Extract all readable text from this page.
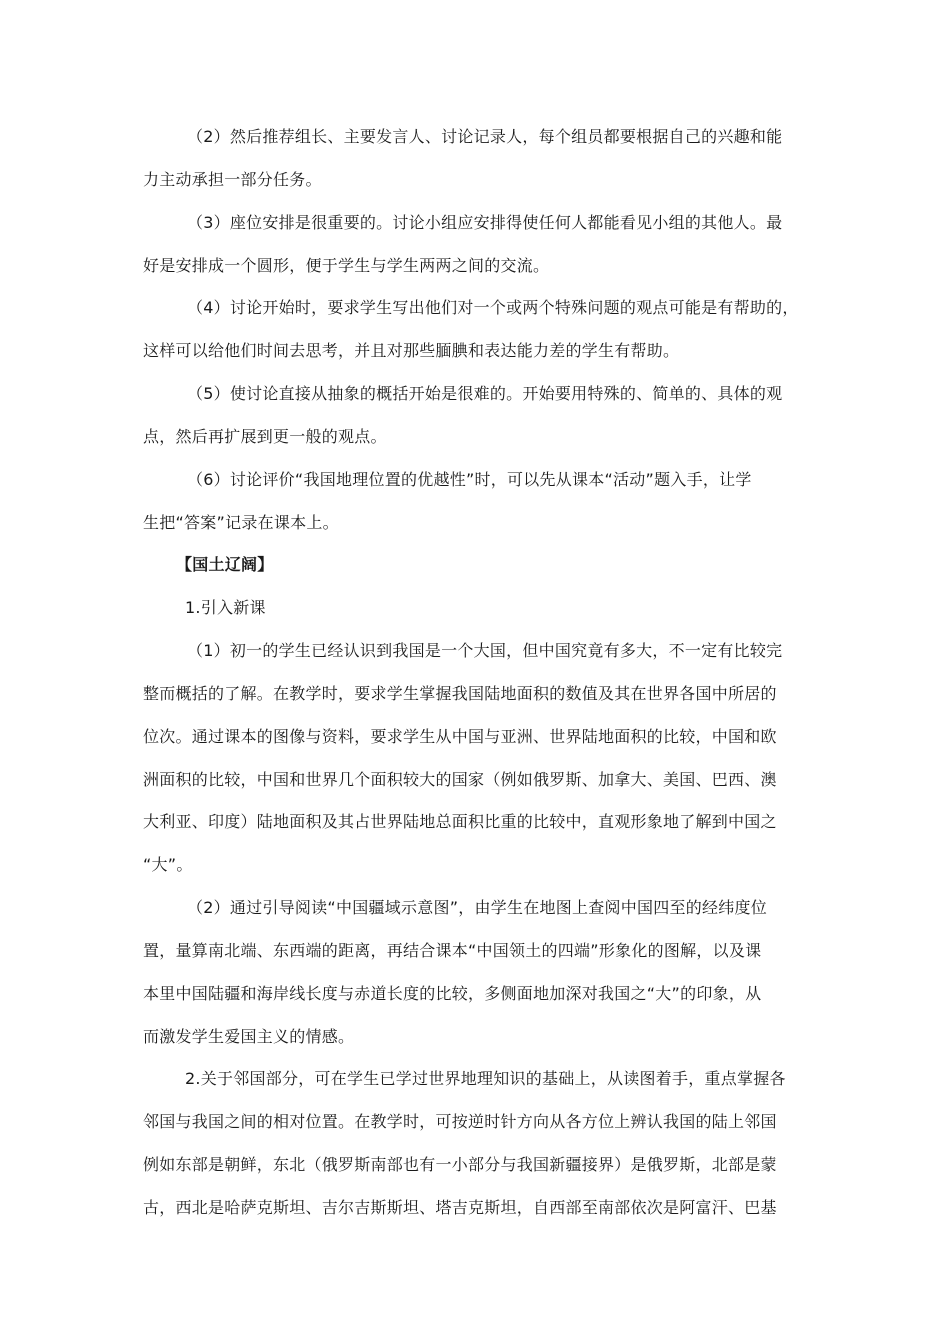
（2）然后推荐组长、主要发言人、讨论记录人，每个组员都要根据自己的兴趣和能
力主动承担一部分任务。
（3）座位安排是很重要的。讨论小组应安排得使任何人都能看见小组的其他人。最
好是安排成一个圆形，便于学生与学生两两之间的交流。
（4）讨论开始时，要求学生写出他们对一个或两个特殊问题的观点可能是有帮助的，
这样可以给他们时间去思考，并且对那些腼腆和表达能力差的学生有帮助。
（5）使讨论直接从抽象的概括开始是很难的。开始要用特殊的、简单的、具体的观
点，然后再扩展到更一般的观点。
（6）讨论评价“我国地理位置的优越性”时，可以先从课本“活动”题入手，让学
生把“答案”记录在课本上。
【国土辽阔】
1.引入新课
（1）初一的学生已经认识到我国是一个大国，但中国究竟有多大，不一定有比较完
整而概括的了解。在教学时，要求学生掌握我国陆地面积的数值及其在世界各国中所居的
位次。通过课本的图像与资料，要求学生从中国与亚洲、世界陆地面积的比较，中国和欧
洲面积的比较，中国和世界几个面积较大的国家（例如俄罗斯、加拿大、美国、巴西、澳
大利亚、印度）陆地面积及其占世界陆地总面积比重的比较中，直观形象地了解到中国之
“大”。
（2）通过引导阅读“中国疆域示意图”，由学生在地图上查阅中国四至的经纬度位
置，量算南北端、东西端的距离，再结合课本“中国领土的四端”形象化的图解，以及课
本里中国陆疆和海岸线长度与赤道长度的比较，多侧面地加深对我国之“大”的印象，从
而激发学生爱国主义的情感。
2.关于邻国部分，可在学生已学过世界地理知识的基础上，从读图着手，重点掌握各
邻国与我国之间的相对位置。在教学时，可按逆时针方向从各方位上辨认我国的陆上邻国
例如东部是朝鲜，东北（俄罗斯南部也有一小部分与我国新疆接界）是俄罗斯，北部是蒙
古，西北是哈萨克斯坦、吉尔吉斯斯坦、塔吉克斯坦，自西部至南部依次是阿富汗、巴基
